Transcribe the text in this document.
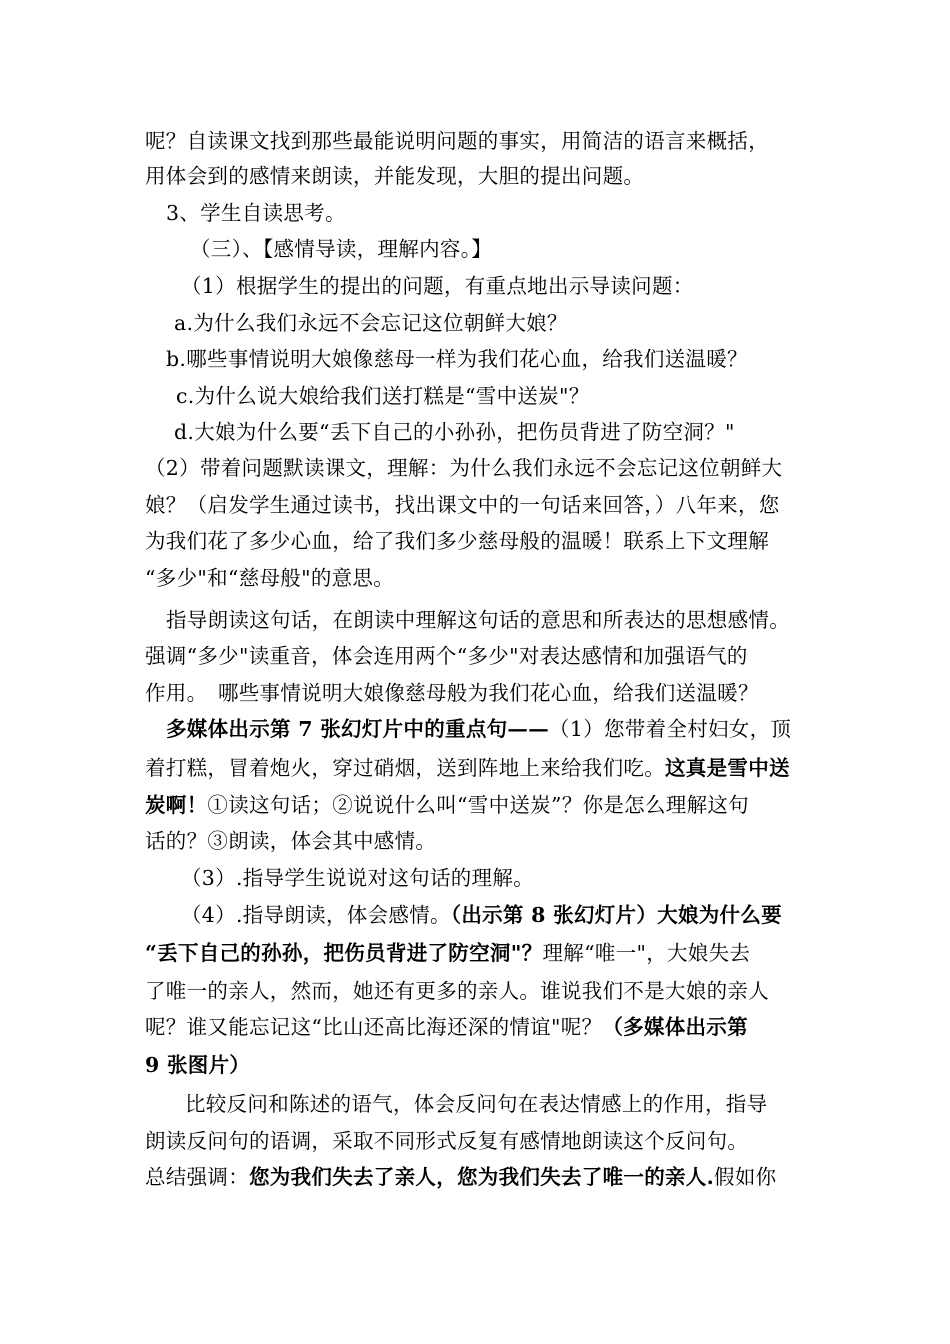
呢？自读课文找到那些最能说明问题的事实，用简洁的语言来概括，
用体会到的感情来朗读，并能发现，大胆的提出问题。
3、学生自读思考。
（三）、【感情导读，理解内容。】
（1）根据学生的提出的问题，有重点地出示导读问题：
a.为什么我们永远不会忘记这位朝鲜大娘？
b.哪些事情说明大娘像慈母一样为我们花心血，给我们送温暖？
c.为什么说大娘给我们送打糕是“雪中送炭"？
d.大娘为什么要“丢下自己的小孙孙，把伤员背进了防空洞？"
（2）带着问题默读课文，理解：为什么我们永远不会忘记这位朝鲜大
娘？（启发学生通过读书，找出课文中的一句话来回答，）八年来，您
为我们花了多少心血，给了我们多少慈母般的温暖！联系上下文理解
“多少"和“慈母般"的意思。
指导朗读这句话，在朗读中理解这句话的意思和所表达的思想感情。
强调“多少"读重音，体会连用两个“多少"对表达感情和加强语气的
作用。　哪些事情说明大娘像慈母般为我们花心血，给我们送温暖？
多媒体出示第 7 张幻灯片中的重点句——（1）您带着全村妇女，顶
着打糕，冒着炮火，穿过硝烟，送到阵地上来给我们吃。这真是雪中送
炭啊！①读这句话；②说说什么叫“雪中送炭”？你是怎么理解这句
话的？③朗读，体会其中感情。
（3）.指导学生说说对这句话的理解。
（4）.指导朗读，体会感情。（出示第 8 张幻灯片）大娘为什么要
“丢下自己的孙孙，把伤员背进了防空洞"？理解“唯一"，大娘失去
了唯一的亲人，然而，她还有更多的亲人。谁说我们不是大娘的亲人
呢？谁又能忘记这“比山还高比海还深的情谊"呢？（多媒体出示第
9 张图片）
比较反问和陈述的语气，体会反问句在表达情感上的作用，指导
朗读反问句的语调，采取不同形式反复有感情地朗读这个反问句。
总结强调：您为我们失去了亲人，您为我们失去了唯一的亲人.假如你
